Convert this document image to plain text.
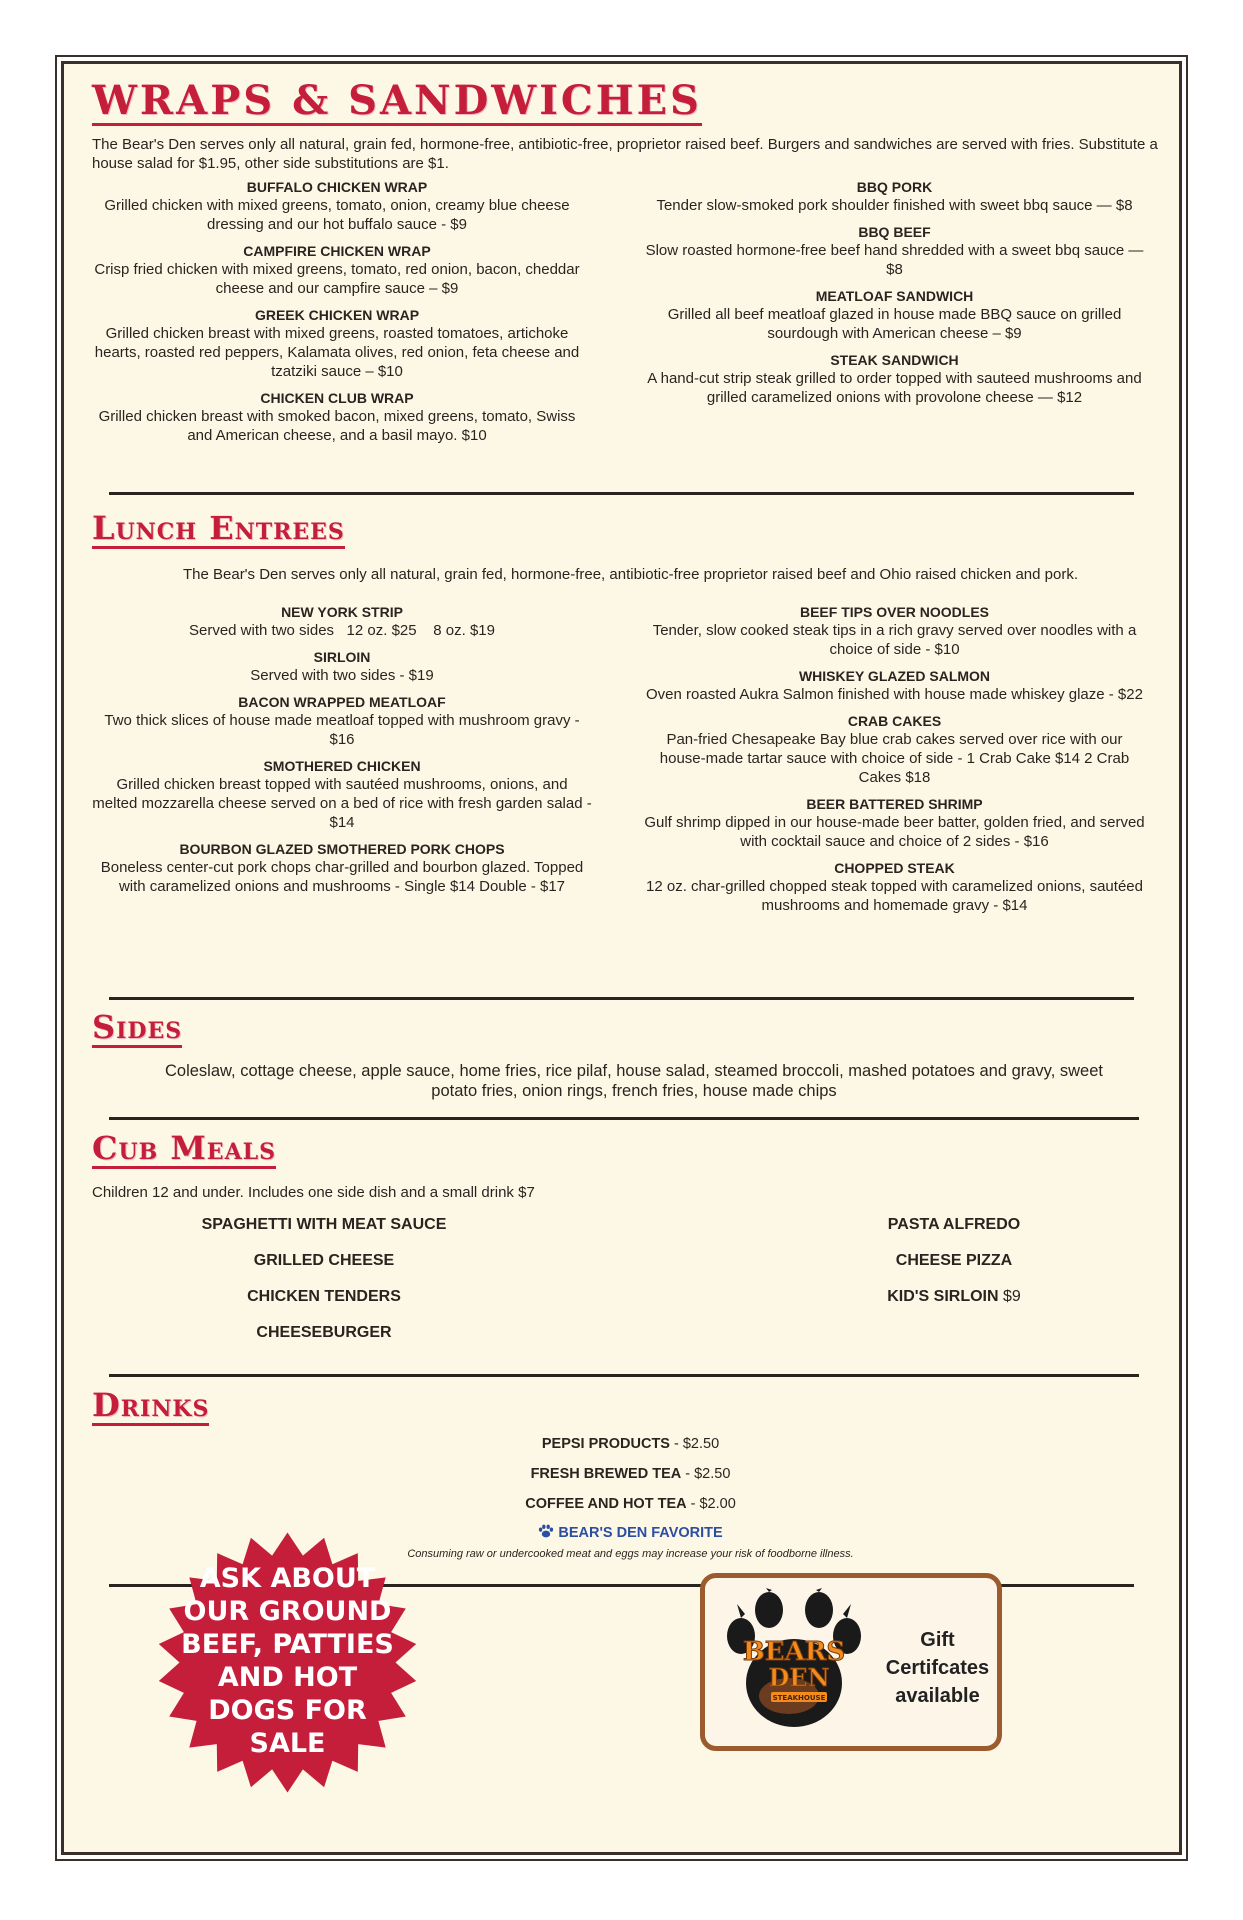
WRAPS & SANDWICHES
The Bear's Den serves only all natural, grain fed, hormone-free, antibiotic-free, proprietor raised beef. Burgers and sandwiches are served with fries. Substitute a house salad for $1.95, other side substitutions are $1.
BUFFALO CHICKEN WRAP
Grilled chicken with mixed greens, tomato, onion, creamy blue cheese dressing and our hot buffalo sauce - $9
CAMPFIRE CHICKEN WRAP
Crisp fried chicken with mixed greens, tomato, red onion, bacon, cheddar cheese and our campfire sauce – $9
GREEK CHICKEN WRAP
Grilled chicken breast with mixed greens, roasted tomatoes, artichoke hearts, roasted red peppers, Kalamata olives, red onion, feta cheese and tzatziki sauce – $10
CHICKEN CLUB WRAP
Grilled chicken breast with smoked bacon, mixed greens, tomato, Swiss and American cheese, and a basil mayo. $10
BBQ PORK
Tender slow-smoked pork shoulder finished with sweet bbq sauce — $8
BBQ BEEF
Slow roasted hormone-free beef hand shredded with a sweet bbq sauce — $8
MEATLOAF SANDWICH
Grilled all beef meatloaf glazed in house made BBQ sauce on grilled sourdough with American cheese – $9
STEAK SANDWICH
A hand-cut strip steak grilled to order topped with sauteed mushrooms and grilled caramelized onions with provolone cheese — $12
Lunch Entrees
The Bear's Den serves only all natural, grain fed, hormone-free, antibiotic-free proprietor raised beef and Ohio raised chicken and pork.
NEW YORK STRIP
Served with two sides   12 oz. $25    8 oz. $19
SIRLOIN
Served with two sides - $19
BACON WRAPPED MEATLOAF
Two thick slices of house made meatloaf topped with mushroom gravy - $16
SMOTHERED CHICKEN
Grilled chicken breast topped with sautéed mushrooms, onions, and melted mozzarella cheese served on a bed of rice with fresh garden salad - $14
BOURBON GLAZED SMOTHERED PORK CHOPS
Boneless center-cut pork chops char-grilled and bourbon glazed. Topped with caramelized onions and mushrooms - Single $14 Double - $17
BEEF TIPS OVER NOODLES
Tender, slow cooked steak tips in a rich gravy served over noodles with a choice of side - $10
WHISKEY GLAZED SALMON
Oven roasted Aukra Salmon finished with house made whiskey glaze - $22
CRAB CAKES
Pan-fried Chesapeake Bay blue crab cakes served over rice with our house-made tartar sauce with choice of side - 1 Crab Cake $14 2 Crab Cakes $18
BEER BATTERED SHRIMP
Gulf shrimp dipped in our house-made beer batter, golden fried, and served with cocktail sauce and choice of 2 sides - $16
CHOPPED STEAK
12 oz. char-grilled chopped steak topped with caramelized onions, sautéed mushrooms and homemade gravy - $14
Sides
Coleslaw, cottage cheese, apple sauce, home fries, rice pilaf, house salad, steamed broccoli, mashed potatoes and gravy, sweet potato fries, onion rings, french fries, house made chips
Cub Meals
Children 12 and under. Includes one side dish and a small drink $7
SPAGHETTI WITH MEAT SAUCE
GRILLED CHEESE
CHICKEN TENDERS
CHEESEBURGER
PASTA ALFREDO
CHEESE PIZZA
KID'S SIRLOIN $9
Drinks
PEPSI PRODUCTS - $2.50
FRESH BREWED TEA - $2.50
COFFEE AND HOT TEA - $2.00
BEAR'S DEN FAVORITE
Consuming raw or undercooked meat and eggs may increase your risk of foodborne illness.
ASK ABOUT
OUR GROUND
BEEF, PATTIES
AND HOT
DOGS FOR
SALE
BEARS
DEN
STEAKHOUSE
Gift
Certifcates
available
